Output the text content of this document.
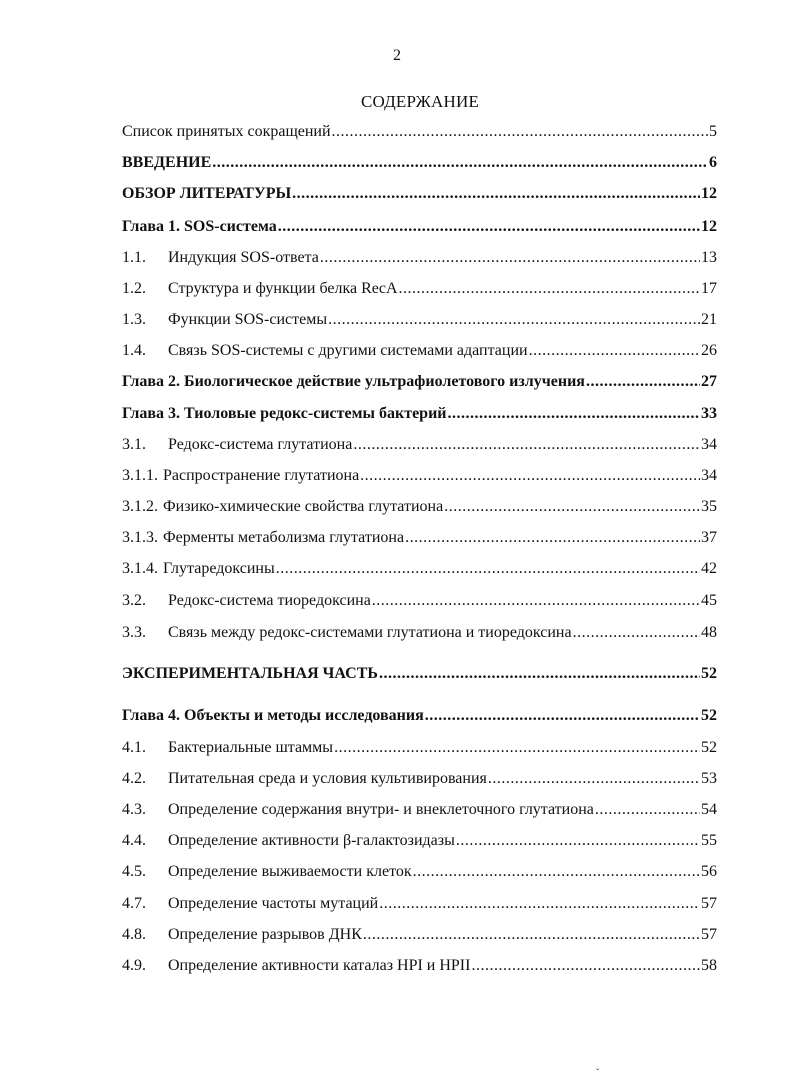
2
СОДЕРЖАНИЕ
Список принятых сокращений .....	5
ВВЕДЕНИЕ .....	6
ОБЗОР ЛИТЕРАТУРЫ .....	12
Глава 1. SOS-система .....	12
1.1.	Индукция SOS-ответа .....	13
1.2.	Структура и функции белка RecA .....	17
1.3.	Функции SOS-системы .....	21
1.4.	Связь SOS-системы с другими системами адаптации .....	26
Глава 2. Биологическое действие ультрафиолетового излучения .....	27
Глава 3. Тиоловые редокс-системы бактерий .....	33
3.1.	Редокс-система глутатиона .....	34
3.1.1. Распространение глутатиона .....	34
3.1.2. Физико-химические свойства глутатиона .....	35
3.1.3. Ферменты метаболизма глутатиона .....	37
3.1.4. Глутаредоксины .....	42
3.2.	Редокс-система тиоредоксина .....	45
3.3.	Связь между редокс-системами глутатиона и тиоредоксина .....	48
ЭКСПЕРИМЕНТАЛЬНАЯ ЧАСТЬ .....	52
Глава 4. Объекты и методы исследования .....	52
4.1.	Бактериальные штаммы .....	52
4.2.	Питательная среда и условия культивирования .....	53
4.3.	Определение содержания внутри- и внеклеточного глутатиона .....	54
4.4.	Определение активности β-галактозидазы .....	55
4.5.	Определение выживаемости клеток .....	56
4.7.	Определение частоты мутаций .....	57
4.8.	Определение разрывов ДНК .....	57
4.9.	Определение активности каталаз HPI и HPII .....	58
ˇ
